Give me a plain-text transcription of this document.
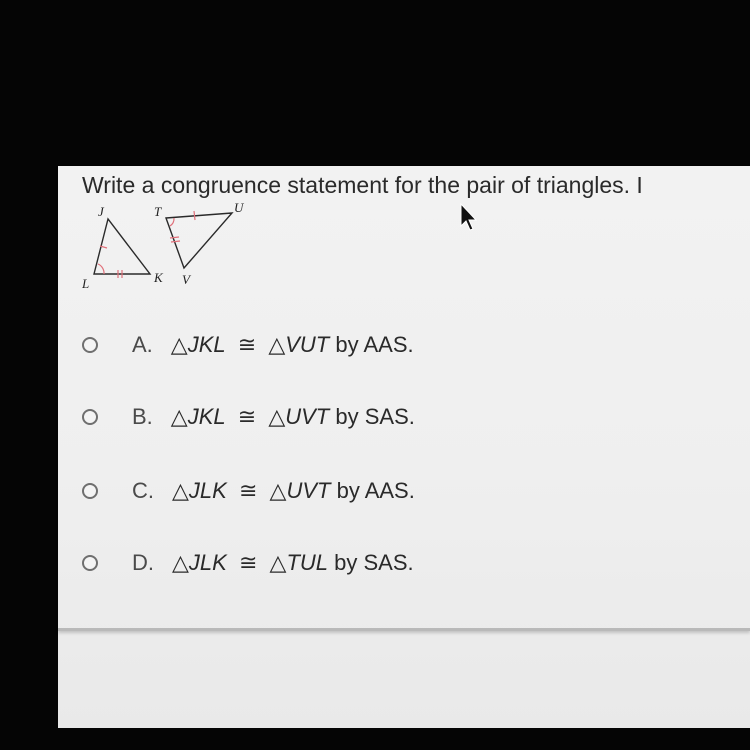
Write a congruence statement for the pair of triangles. I

J	T	U
L	K V
A. △JKL ≅ △VUT by AAS.
B. △JKL ≅ △UVT by SAS.
C. △JLK ≅ △UVT by AAS.
D. △JLK ≅ △TUL by SAS.
